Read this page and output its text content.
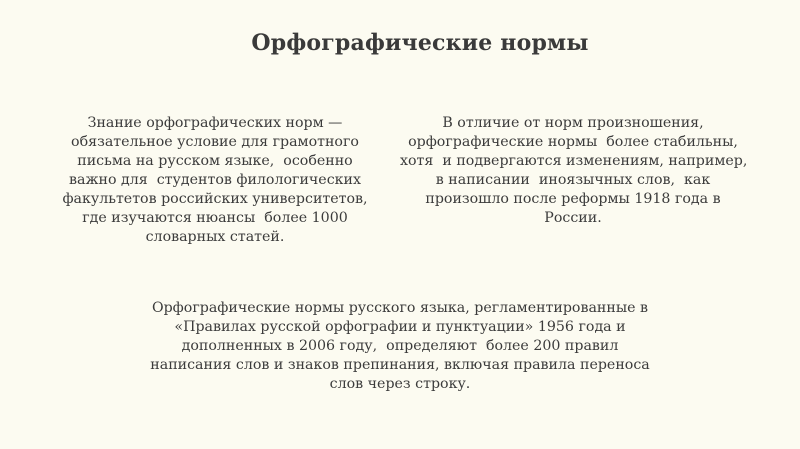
Орфографические нормы

Знание орфографических норм —
обязательное условие для грамотного
письма на русском языке,  особенно
важно для  студентов филологических
факультетов российских университетов,
где изучаются нюансы  более 1000
словарных статей.

В отличие от норм произношения,
орфографические нормы  более стабильны,
хотя  и подвергаются изменениям, например,
в написании  иноязычных слов,  как
произошло после реформы 1918 года в
России.

Орфографические нормы русского языка, регламентированные в
«Правилах русской орфографии и пунктуации» 1956 года и
дополненных в 2006 году,  определяют  более 200 правил
написания слов и знаков препинания, включая правила переноса
слов через строку.
